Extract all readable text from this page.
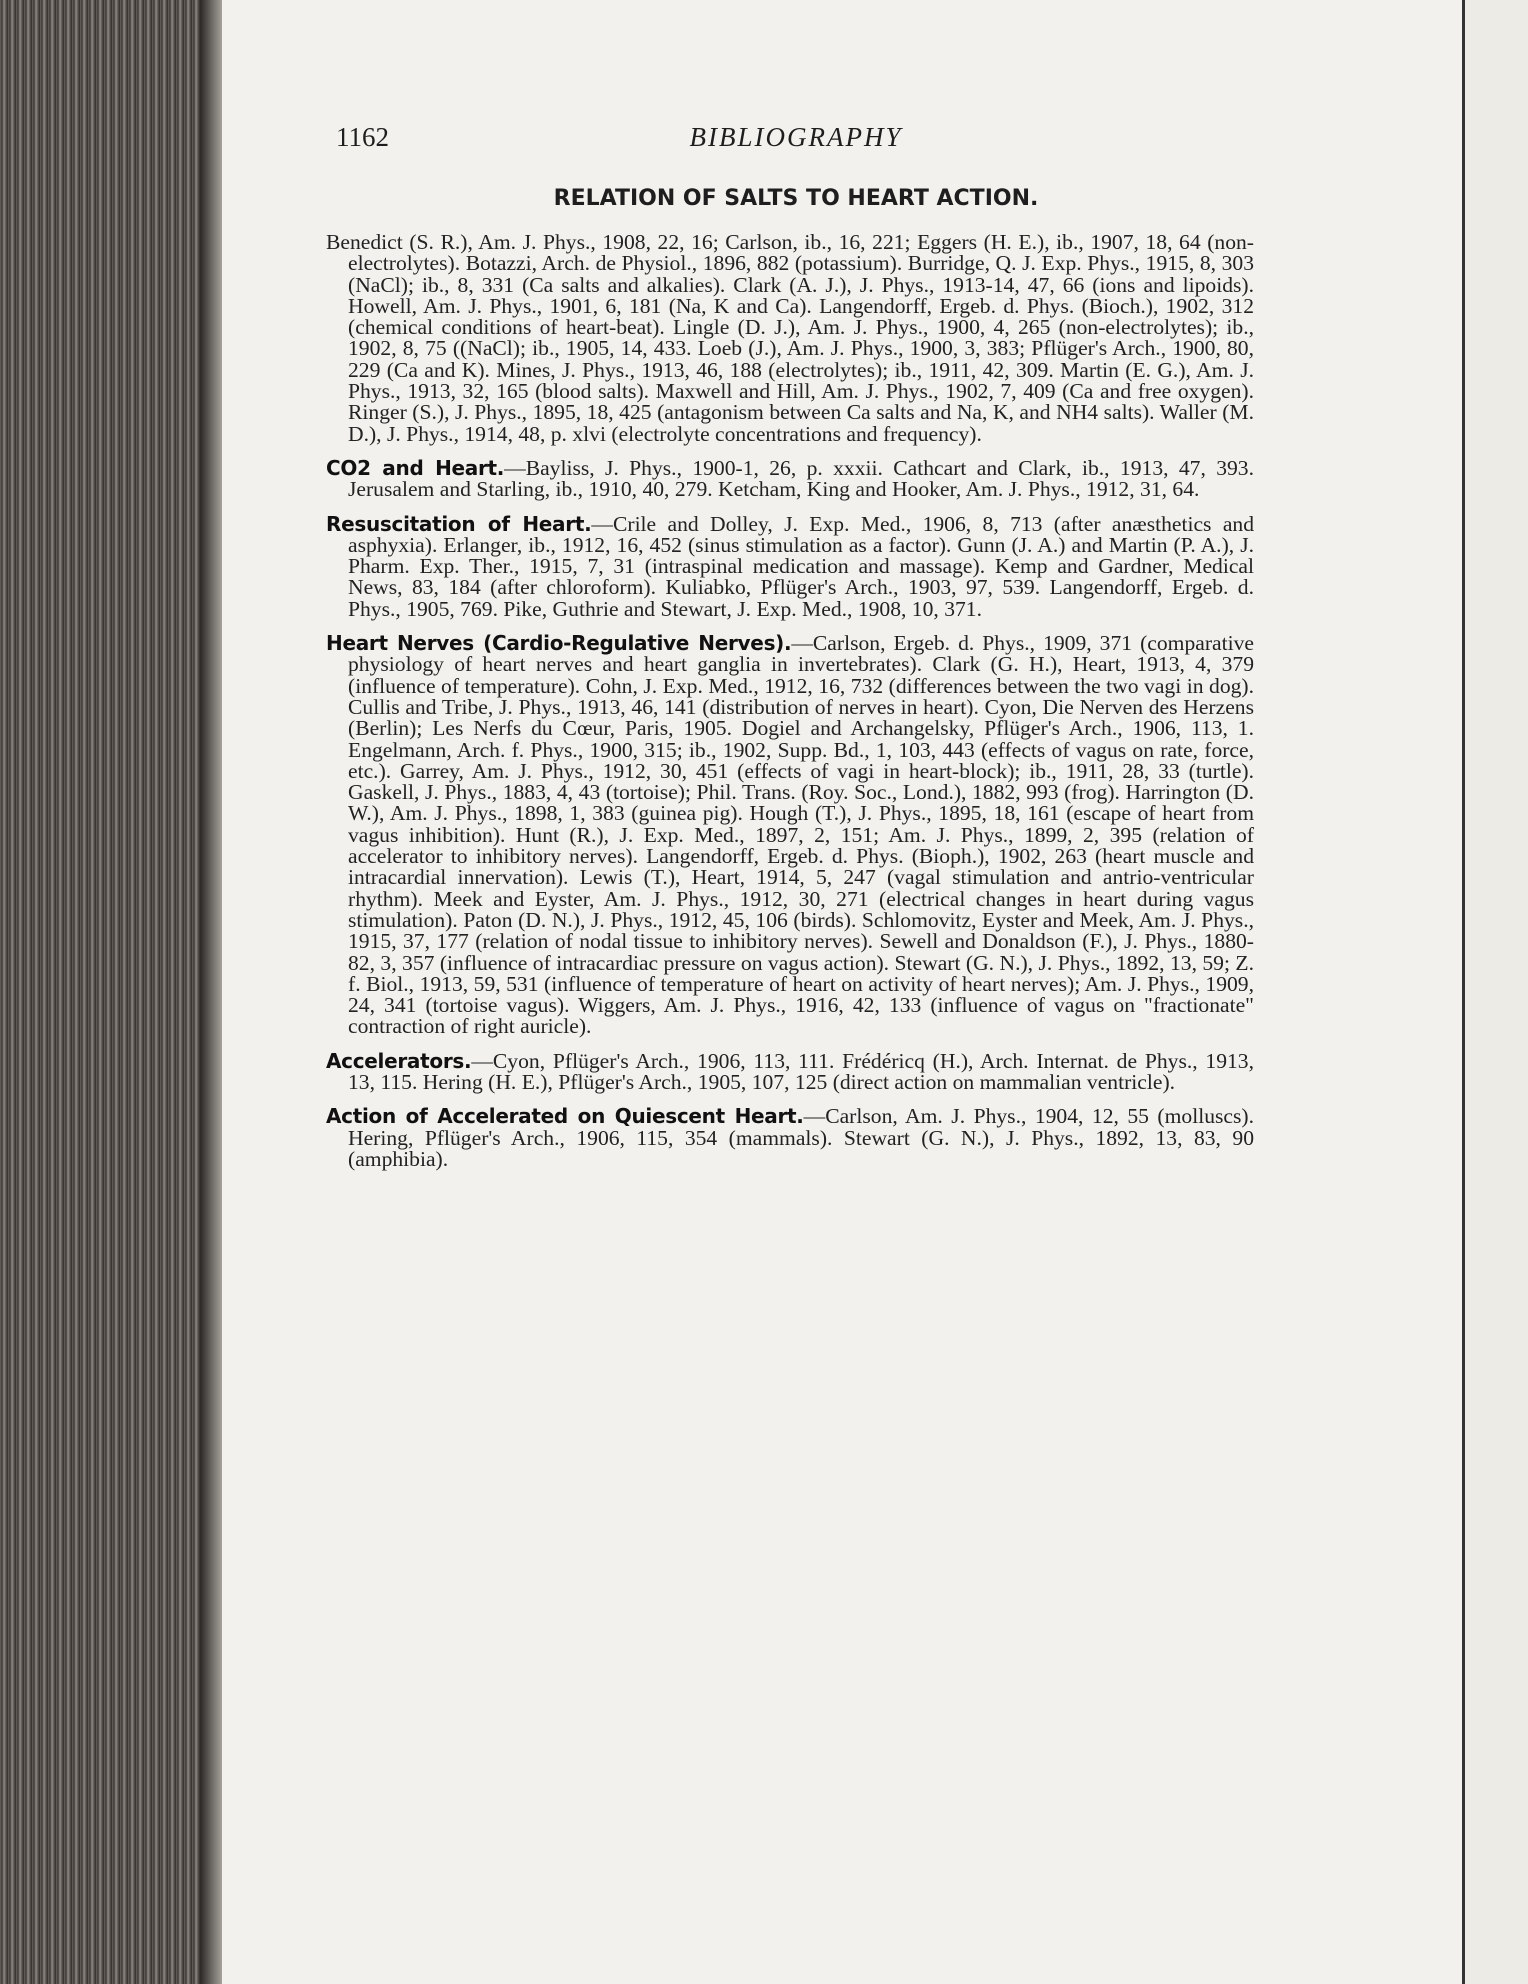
1162	BIBLIOGRAPHY
RELATION OF SALTS TO HEART ACTION.

Benedict (S. R.), Am. J. Phys., 1908, 22, 16; Carlson, ib., 16, 221; Eggers (H. E.), ib., 1907, 18, 64 (non-electrolytes). Botazzi, Arch. de Physiol., 1896, 882 (potassium). Burridge, Q. J. Exp. Phys., 1915, 8, 303 (NaCl); ib., 8, 331 (Ca salts and alkalies). Clark (A. J.), J. Phys., 1913-14, 47, 66 (ions and lipoids). Howell, Am. J. Phys., 1901, 6, 181 (Na, K and Ca). Langendorff, Ergeb. d. Phys. (Bioch.), 1902, 312 (chemical conditions of heart-beat). Lingle (D. J.), Am. J. Phys., 1900, 4, 265 (non-electrolytes); ib., 1902, 8, 75 ((NaCl); ib., 1905, 14, 433. Loeb (J.), Am. J. Phys., 1900, 3, 383; Pflüger's Arch., 1900, 80, 229 (Ca and K). Mines, J. Phys., 1913, 46, 188 (electrolytes); ib., 1911, 42, 309. Martin (E. G.), Am. J. Phys., 1913, 32, 165 (blood salts). Maxwell and Hill, Am. J. Phys., 1902, 7, 409 (Ca and free oxygen). Ringer (S.), J. Phys., 1895, 18, 425 (antagonism between Ca salts and Na, K, and NH4 salts). Waller (M. D.), J. Phys., 1914, 48, p. xlvi (electrolyte concentrations and frequency).

CO2 and Heart.—Bayliss, J. Phys., 1900-1, 26, p. xxxii. Cathcart and Clark, ib., 1913, 47, 393. Jerusalem and Starling, ib., 1910, 40, 279. Ketcham, King and Hooker, Am. J. Phys., 1912, 31, 64.

Resuscitation of Heart.—Crile and Dolley, J. Exp. Med., 1906, 8, 713 (after anæsthetics and asphyxia). Erlanger, ib., 1912, 16, 452 (sinus stimulation as a factor). Gunn (J. A.) and Martin (P. A.), J. Pharm. Exp. Ther., 1915, 7, 31 (intraspinal medication and massage). Kemp and Gardner, Medical News, 83, 184 (after chloroform). Kuliabko, Pflüger's Arch., 1903, 97, 539. Langendorff, Ergeb. d. Phys., 1905, 769. Pike, Guthrie and Stewart, J. Exp. Med., 1908, 10, 371.

Heart Nerves (Cardio-Regulative Nerves).—Carlson, Ergeb. d. Phys., 1909, 371 (comparative physiology of heart nerves and heart ganglia in invertebrates). Clark (G. H.), Heart, 1913, 4, 379 (influence of temperature). Cohn, J. Exp. Med., 1912, 16, 732 (differences between the two vagi in dog). Cullis and Tribe, J. Phys., 1913, 46, 141 (distribution of nerves in heart). Cyon, Die Nerven des Herzens (Berlin); Les Nerfs du Cœur, Paris, 1905. Dogiel and Archangelsky, Pflüger's Arch., 1906, 113, 1. Engelmann, Arch. f. Phys., 1900, 315; ib., 1902, Supp. Bd., 1, 103, 443 (effects of vagus on rate, force, etc.). Garrey, Am. J. Phys., 1912, 30, 451 (effects of vagi in heart-block); ib., 1911, 28, 33 (turtle). Gaskell, J. Phys., 1883, 4, 43 (tortoise); Phil. Trans. (Roy. Soc., Lond.), 1882, 993 (frog). Harrington (D. W.), Am. J. Phys., 1898, 1, 383 (guinea pig). Hough (T.), J. Phys., 1895, 18, 161 (escape of heart from vagus inhibition). Hunt (R.), J. Exp. Med., 1897, 2, 151; Am. J. Phys., 1899, 2, 395 (relation of accelerator to inhibitory nerves). Langendorff, Ergeb. d. Phys. (Bioph.), 1902, 263 (heart muscle and intracardial innervation). Lewis (T.), Heart, 1914, 5, 247 (vagal stimulation and antrio-ventricular rhythm). Meek and Eyster, Am. J. Phys., 1912, 30, 271 (electrical changes in heart during vagus stimulation). Paton (D. N.), J. Phys., 1912, 45, 106 (birds). Schlomovitz, Eyster and Meek, Am. J. Phys., 1915, 37, 177 (relation of nodal tissue to inhibitory nerves). Sewell and Donaldson (F.), J. Phys., 1880-82, 3, 357 (influence of intracardiac pressure on vagus action). Stewart (G. N.), J. Phys., 1892, 13, 59; Z. f. Biol., 1913, 59, 531 (influence of temperature of heart on activity of heart nerves); Am. J. Phys., 1909, 24, 341 (tortoise vagus). Wiggers, Am. J. Phys., 1916, 42, 133 (influence of vagus on "fractionate" contraction of right auricle).

Accelerators.—Cyon, Pflüger's Arch., 1906, 113, 111. Frédéricq (H.), Arch. Internat. de Phys., 1913, 13, 115. Hering (H. E.), Pflüger's Arch., 1905, 107, 125 (direct action on mammalian ventricle).

Action of Accelerated on Quiescent Heart.—Carlson, Am. J. Phys., 1904, 12, 55 (molluscs). Hering, Pflüger's Arch., 1906, 115, 354 (mammals). Stewart (G. N.), J. Phys., 1892, 13, 83, 90 (amphibia).
